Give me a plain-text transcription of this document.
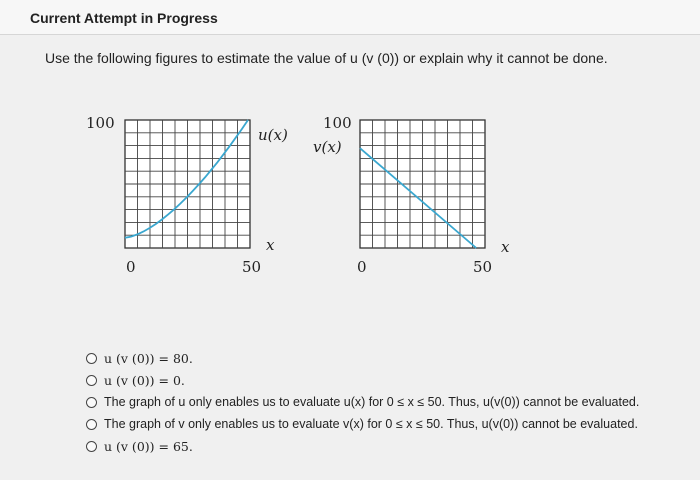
Current Attempt in Progress
Use the following figures to estimate the value of u (v (0)) or explain why it cannot be done.
100
u(x)
x
0	50
100
v(x)
x
0	50
u (v (0)) = 80.
u (v (0)) = 0.
The graph of u only enables us to evaluate u(x) for 0 ≤ x ≤ 50. Thus, u(v(0)) cannot be evaluated.
The graph of v only enables us to evaluate v(x) for 0 ≤ x ≤ 50. Thus, u(v(0)) cannot be evaluated.
u (v (0)) = 65.
